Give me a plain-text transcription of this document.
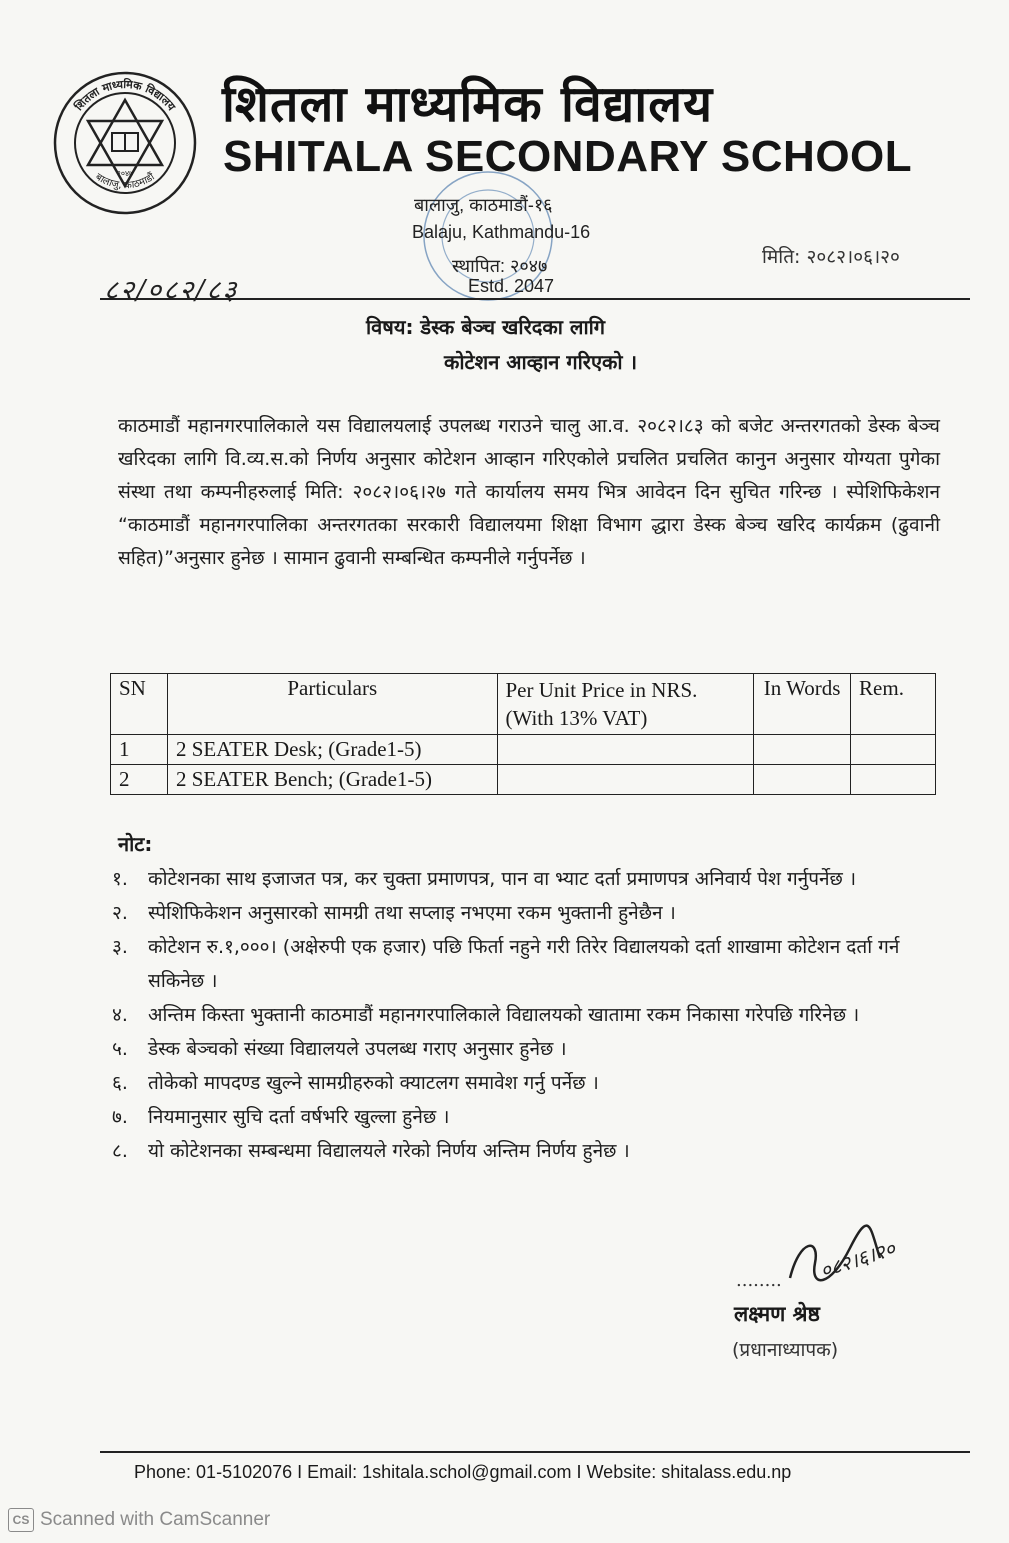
शितला माध्यमिक विद्यालय
बालाजु, काठमाडौं
२०४७
शितला माध्यमिक विद्यालय
SHITALA SECONDARY SCHOOL
बालाजु, काठमाडौं-१६
Balaju, Kathmandu-16
स्थापित: २०४७
Estd. 2047
मिति: २०८२।०६।२०
८२/०८२/८३
विषय: डेस्क बेञ्च खरिदका लागि
कोटेशन आव्हान गरिएको ।
काठमाडौं महानगरपालिकाले यस विद्यालयलाई उपलब्ध गराउने चालु आ.व. २०८२।८३ को बजेट अन्तरगतको डेस्क बेञ्च खरिदका लागि वि.व्य.स.को निर्णय अनुसार कोटेशन आव्हान गरिएकोले प्रचलित प्रचलित कानुन अनुसार योग्यता पुगेका संस्था तथा कम्पनीहरुलाई मिति: २०८२।०६।२७ गते कार्यालय समय भित्र आवेदन दिन सुचित गरिन्छ । स्पेशिफिकेशन “काठमाडौं महानगरपालिका अन्तरगतका सरकारी विद्यालयमा शिक्षा विभाग द्धारा डेस्क बेञ्च खरिद कार्यक्रम (ढुवानी सहित)”अनुसार हुनेछ । सामान ढुवानी सम्बन्धित कम्पनीले गर्नुपर्नेछ ।
SN	Particulars	Per Unit Price in NRS.(With 13% VAT)	In Words	Rem.
1	2 SEATER Desk; (Grade1-5)			
2	2 SEATER Bench; (Grade1-5)			
नोट:
१. कोटेशनका साथ इजाजत पत्र, कर चुक्ता प्रमाणपत्र, पान वा भ्याट दर्ता प्रमाणपत्र अनिवार्य पेश गर्नुपर्नेछ ।
२. स्पेशिफिकेशन अनुसारको सामग्री तथा सप्लाइ नभएमा रकम भुक्तानी हुनेछैन ।
३. कोटेशन रु.१,०००। (अक्षेरुपी एक हजार) पछि फिर्ता नहुने गरी तिरेर विद्यालयको दर्ता शाखामा कोटेशन दर्ता गर्न सकिनेछ ।
४. अन्तिम किस्ता भुक्तानी काठमाडौं महानगरपालिकाले विद्यालयको खातामा रकम निकासा गरेपछि गरिनेछ ।
५. डेस्क बेञ्चको संख्या विद्यालयले उपलब्ध गराए अनुसार हुनेछ ।
६. तोकेको मापदण्ड खुल्ने सामग्रीहरुको क्याटलग समावेश गर्नु पर्नेछ ।
७. नियमानुसार सुचि दर्ता वर्षभरि खुल्ला हुनेछ ।
८. यो कोटेशनका सम्बन्धमा विद्यालयले गरेको निर्णय अन्तिम निर्णय हुनेछ ।
०८२।६।२०
........
लक्ष्मण श्रेष्ठ
(प्रधानाध्यापक)
Phone: 01-5102076 I Email: 1shitala.schol@gmail.com I Website: shitalass.edu.np
CS Scanned with CamScanner
